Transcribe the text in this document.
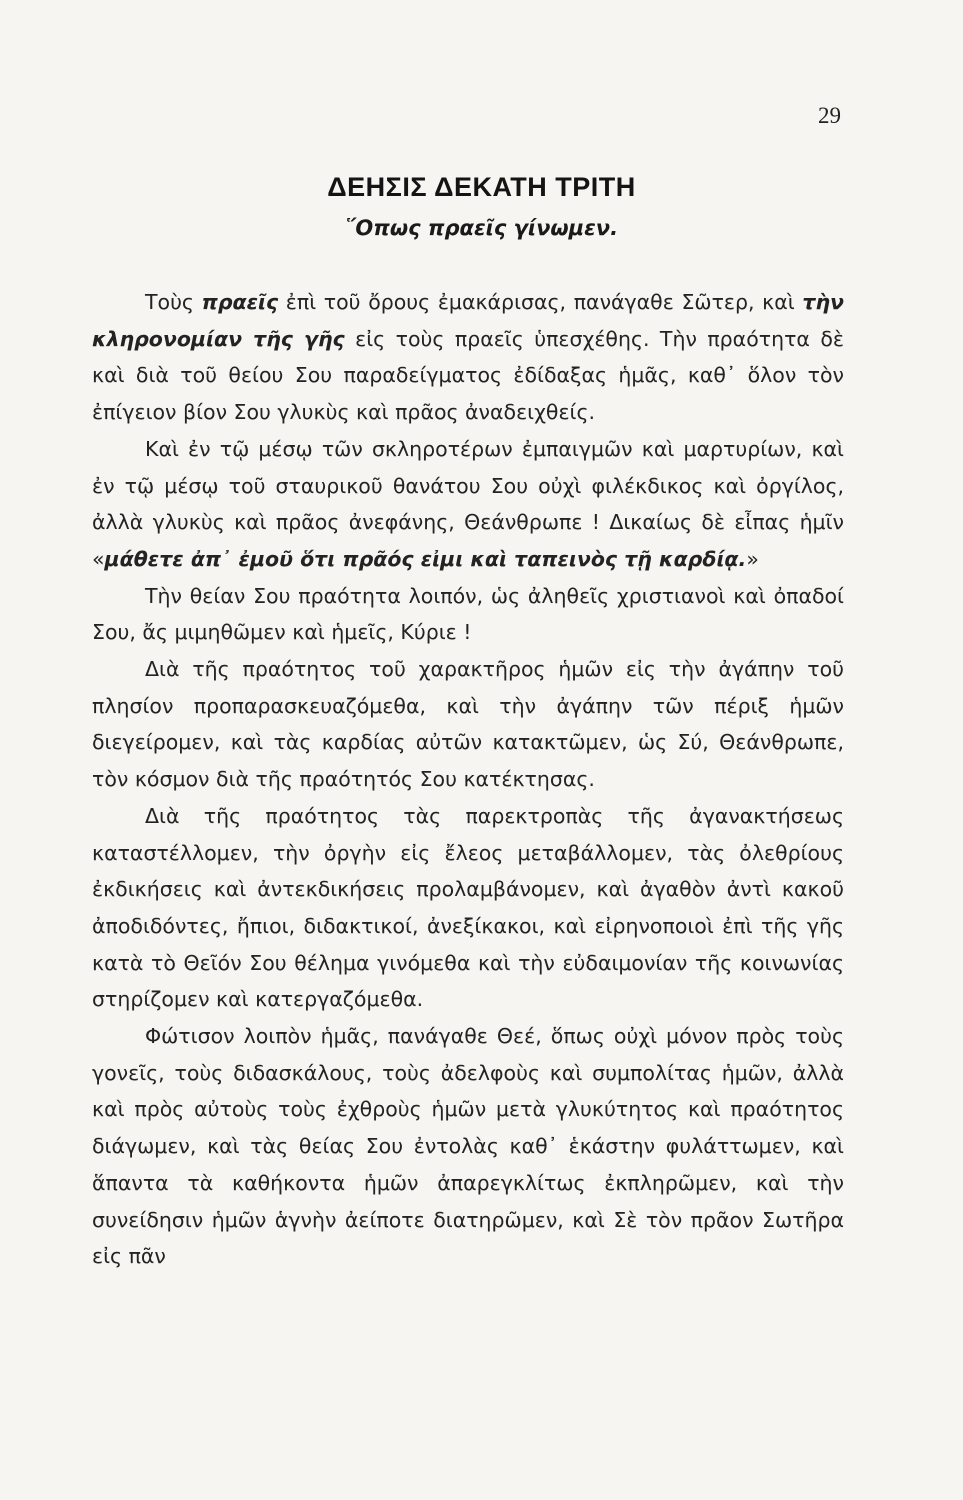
29
ΔΕΗΣΙΣ ΔΕΚΑΤΗ ΤΡΙΤΗ
῞Οπως πραεῖς γίνωμεν.

Τοὺς πραεῖς ἐπὶ τοῦ ὄρους ἐμακάρισας, πανάγαθε Σῶτερ, καὶ τὴν κληρονομίαν τῆς γῆς εἰς τοὺς πραεῖς ὑπεσχέθης. Τὴν πραότητα δὲ καὶ διὰ τοῦ θείου Σου παραδείγματος ἐδίδαξας ἡμᾶς, καθ᾽ ὅλον τὸν ἐπίγειον βίον Σου γλυκὺς καὶ πρᾶος ἀναδειχθείς.

Καὶ ἐν τῷ μέσῳ τῶν σκληροτέρων ἐμπαιγμῶν καὶ μαρτυρίων, καὶ ἐν τῷ μέσῳ τοῦ σταυρικοῦ θανάτου Σου οὐχὶ φιλέκδικος καὶ ὀργίλος, ἀλλὰ γλυκὺς καὶ πρᾶος ἀνεφάνης, Θεάνθρωπε ! Δικαίως δὲ εἶπας ἡμῖν «μάθετε ἀπ᾽ ἐμοῦ ὅτι πρᾶός εἰμι καὶ ταπεινὸς τῇ καρδίᾳ.»

Τὴν θείαν Σου πραότητα λοιπόν, ὡς ἀληθεῖς χριστιανοὶ καὶ ὀπαδοί Σου, ἄς μιμηθῶμεν καὶ ἡμεῖς, Κύριε !

Διὰ τῆς πραότητος τοῦ χαρακτῆρος ἡμῶν εἰς τὴν ἀγάπην τοῦ πλησίον προπαρασκευαζόμεθα, καὶ τὴν ἀγάπην τῶν πέριξ ἡμῶν διεγείρομεν, καὶ τὰς καρδίας αὐτῶν κατακτῶμεν, ὡς Σύ, Θεάνθρωπε, τὸν κόσμον διὰ τῆς πραότητός Σου κατέκτησας.

Διὰ τῆς πραότητος τὰς παρεκτροπὰς τῆς ἀγανακτήσεως καταστέλλομεν, τὴν ὀργὴν εἰς ἔλεος μεταβάλλομεν, τὰς ὀλεθρίους ἐκδικήσεις καὶ ἀντεκδικήσεις προλαμβάνομεν, καὶ ἀγαθὸν ἀντὶ κακοῦ ἀποδιδόντες, ἤπιοι, διδακτικοί, ἀνεξίκακοι, καὶ εἰρηνοποιοὶ ἐπὶ τῆς γῆς κατὰ τὸ Θεῖόν Σου θέλημα γινόμεθα καὶ τὴν εὐδαιμονίαν τῆς κοινωνίας στηρίζομεν καὶ κατεργαζόμεθα.

Φώτισον λοιπὸν ἡμᾶς, πανάγαθε Θεέ, ὅπως οὐχὶ μόνον πρὸς τοὺς γονεῖς, τοὺς διδασκάλους, τοὺς ἀδελφοὺς καὶ συμπολίτας ἡμῶν, ἀλλὰ καὶ πρὸς αὐτοὺς τοὺς ἐχθροὺς ἡμῶν μετὰ γλυκύτητος καὶ πραότητος διάγωμεν, καὶ τὰς θείας Σου ἐντολὰς καθ᾽ ἑκάστην φυλάττωμεν, καὶ ἅπαντα τὰ καθήκοντα ἡμῶν ἀπαρεγκλίτως ἐκπληρῶμεν, καὶ τὴν συνείδησιν ἡμῶν ἁγνὴν ἀείποτε διατηρῶμεν, καὶ Σὲ τὸν πρᾶον Σωτῆρα εἰς πᾶν
